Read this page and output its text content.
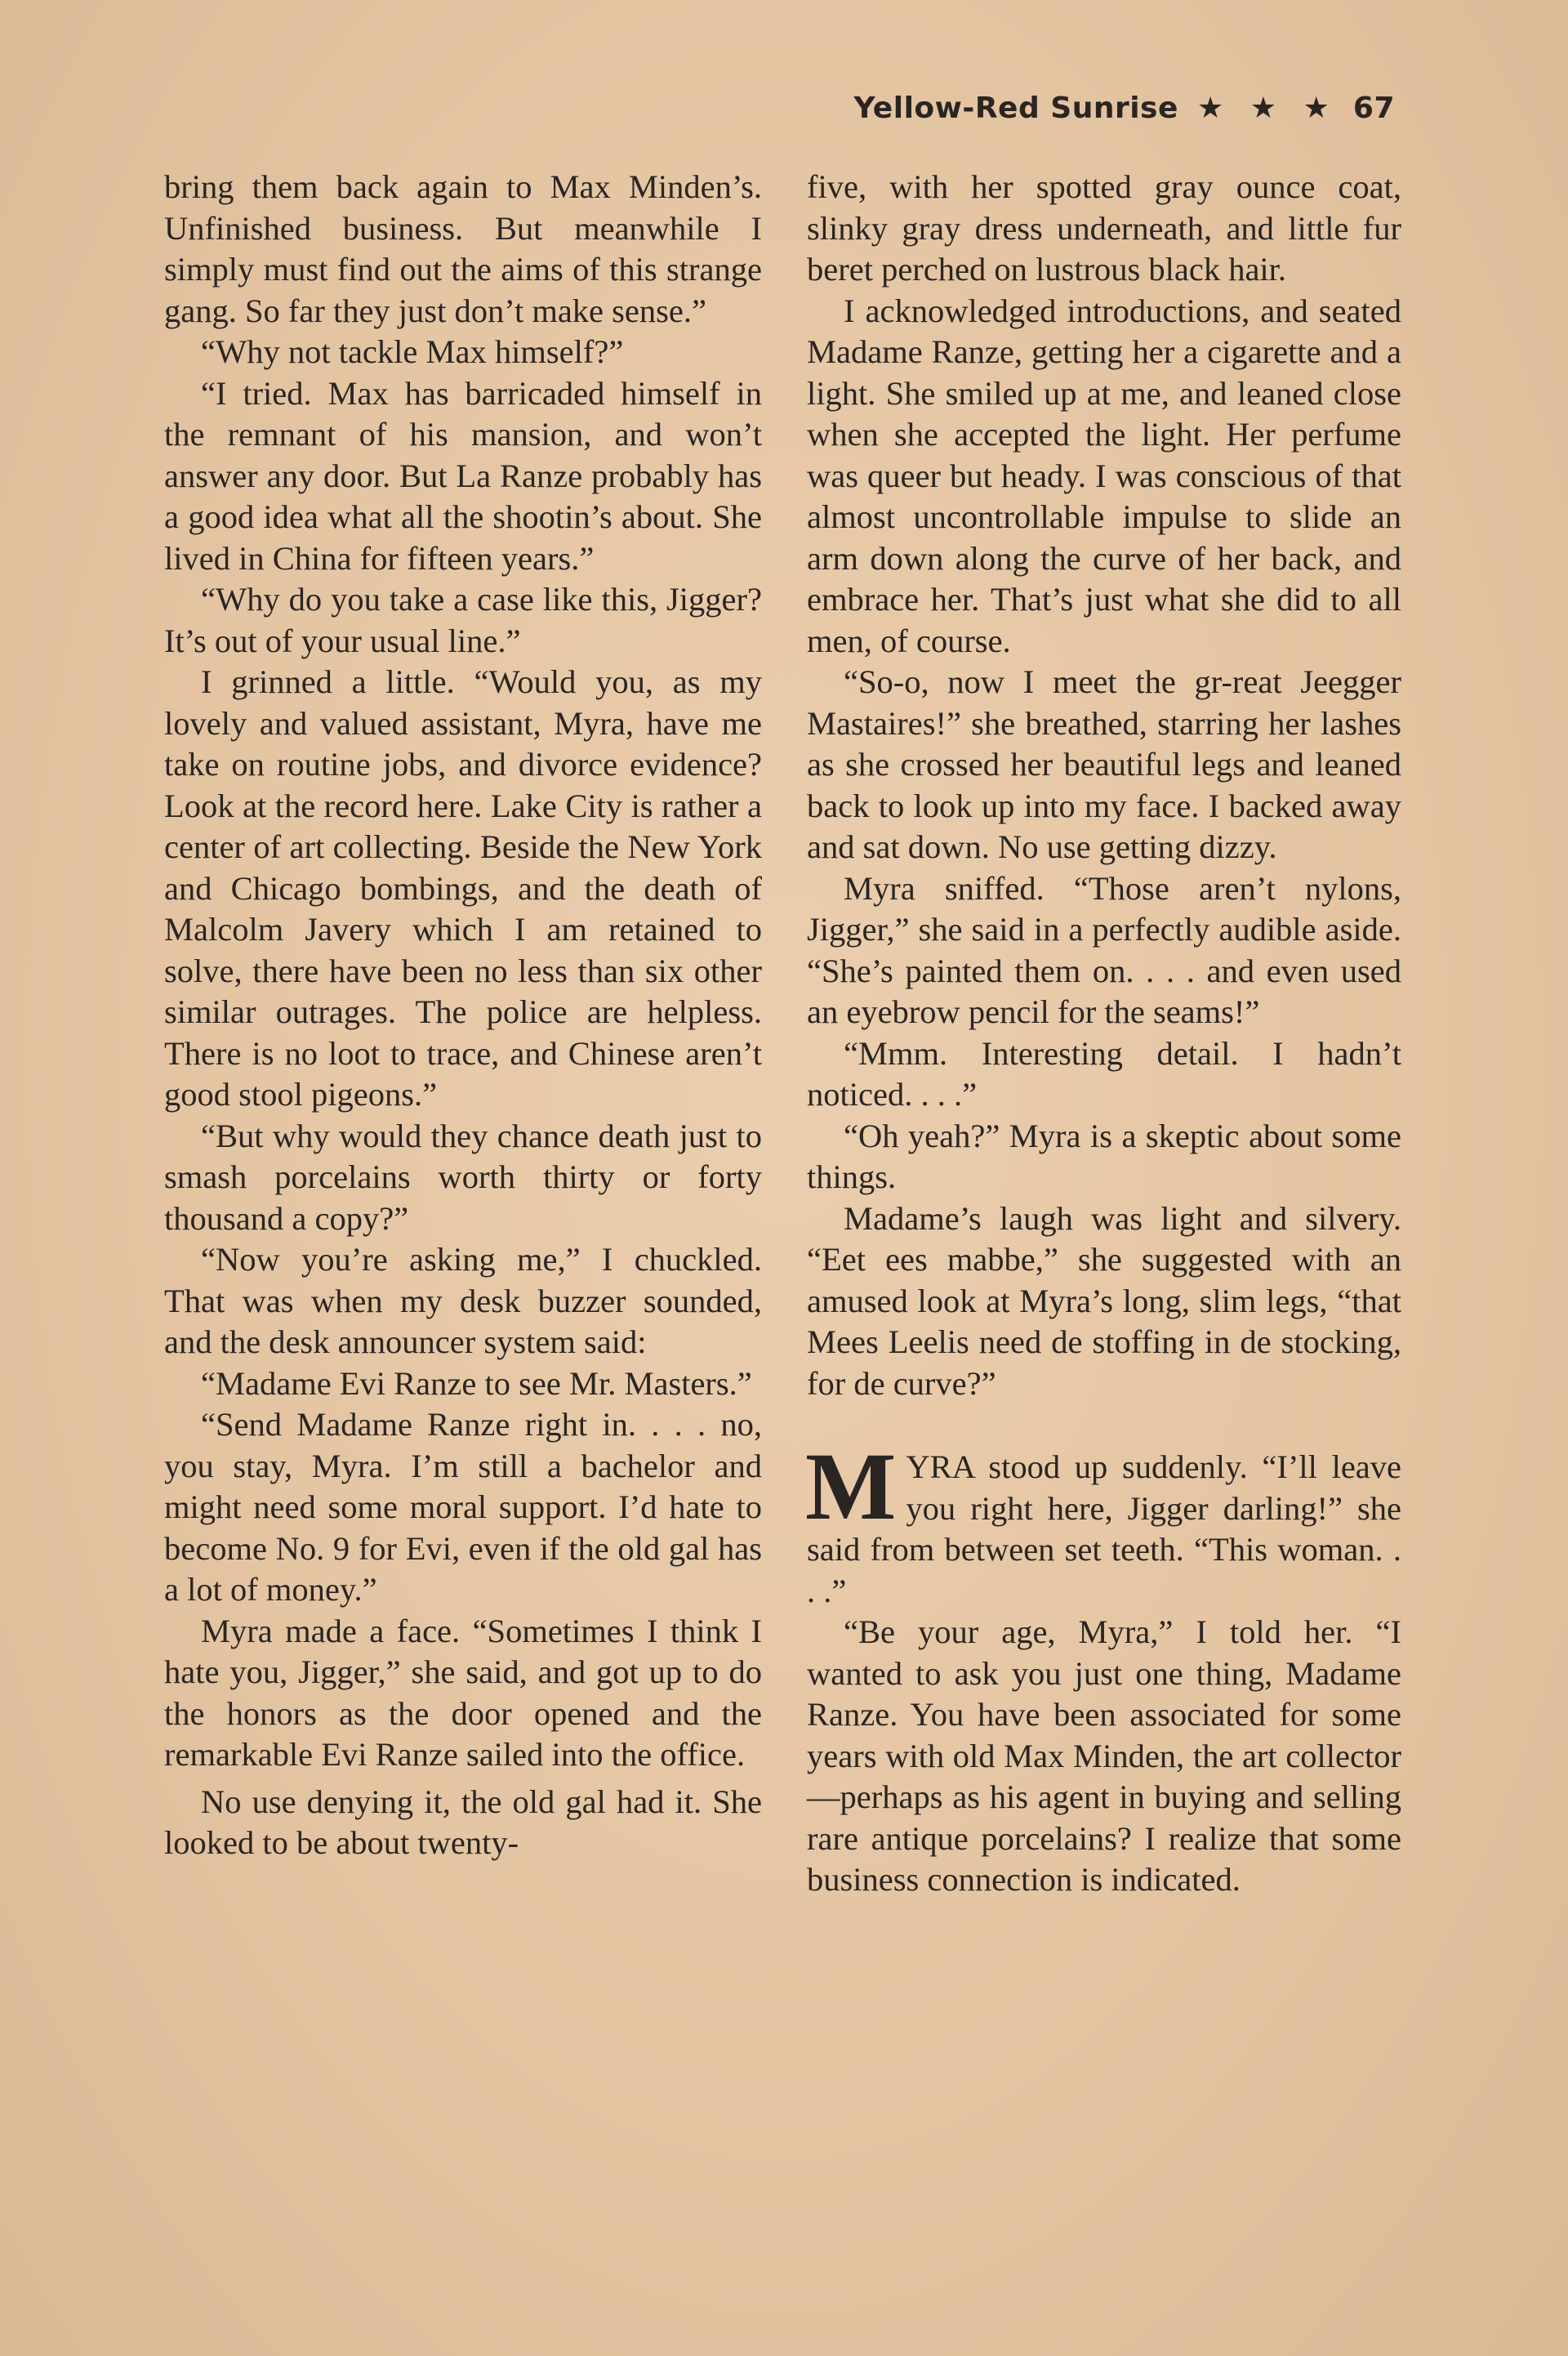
Yellow-Red Sunrise ★ ★ ★ 67

bring them back again to Max Minden’s. Unfinished business. But meanwhile I simply must find out the aims of this strange gang. So far they just don’t make sense.”

“Why not tackle Max himself?”

“I tried. Max has barricaded himself in the remnant of his mansion, and won’t answer any door. But La Ranze probably has a good idea what all the shootin’s about. She lived in China for fifteen years.”

“Why do you take a case like this, Jigger? It’s out of your usual line.”

I grinned a little. “Would you, as my lovely and valued assistant, Myra, have me take on routine jobs, and divorce evidence? Look at the record here. Lake City is rather a center of art collecting. Beside the New York and Chicago bombings, and the death of Malcolm Javery which I am retained to solve, there have been no less than six other similar outrages. The police are helpless. There is no loot to trace, and Chinese aren’t good stool pigeons.”

“But why would they chance death just to smash porcelains worth thirty or forty thousand a copy?”

“Now you’re asking me,” I chuckled. That was when my desk buzzer sounded, and the desk announcer system said:

“Madame Evi Ranze to see Mr. Masters.”

“Send Madame Ranze right in. . . . no, you stay, Myra. I’m still a bachelor and might need some moral support. I’d hate to become No. 9 for Evi, even if the old gal has a lot of money.”

Myra made a face. “Sometimes I think I hate you, Jigger,” she said, and got up to do the honors as the door opened and the remarkable Evi Ranze sailed into the office.

No use denying it, the old gal had it. She looked to be about twenty-

five, with her spotted gray ounce coat, slinky gray dress underneath, and little fur beret perched on lustrous black hair.

I acknowledged introductions, and seated Madame Ranze, getting her a cigarette and a light. She smiled up at me, and leaned close when she accepted the light. Her perfume was queer but heady. I was conscious of that almost uncontrollable impulse to slide an arm down along the curve of her back, and embrace her. That’s just what she did to all men, of course.

“So-o, now I meet the gr-reat Jeegger Mastaires!” she breathed, starring her lashes as she crossed her beautiful legs and leaned back to look up into my face. I backed away and sat down. No use getting dizzy.

Myra sniffed. “Those aren’t nylons, Jigger,” she said in a perfectly audible aside. “She’s painted them on. . . . and even used an eyebrow pencil for the seams!”

“Mmm. Interesting detail. I hadn’t noticed. . . .”

“Oh yeah?” Myra is a skeptic about some things.

Madame’s laugh was light and silvery. “Eet ees mabbe,” she suggested with an amused look at Myra’s long, slim legs, “that Mees Leelis need de stoffing in de stocking, for de curve?”

MYRA stood up suddenly. “I’ll leave you right here, Jigger darling!” she said from between set teeth. “This woman. . . .”

“Be your age, Myra,” I told her. “I wanted to ask you just one thing, Madame Ranze. You have been associated for some years with old Max Minden, the art collector—perhaps as his agent in buying and selling rare antique porcelains? I realize that some business connection is indicated.
